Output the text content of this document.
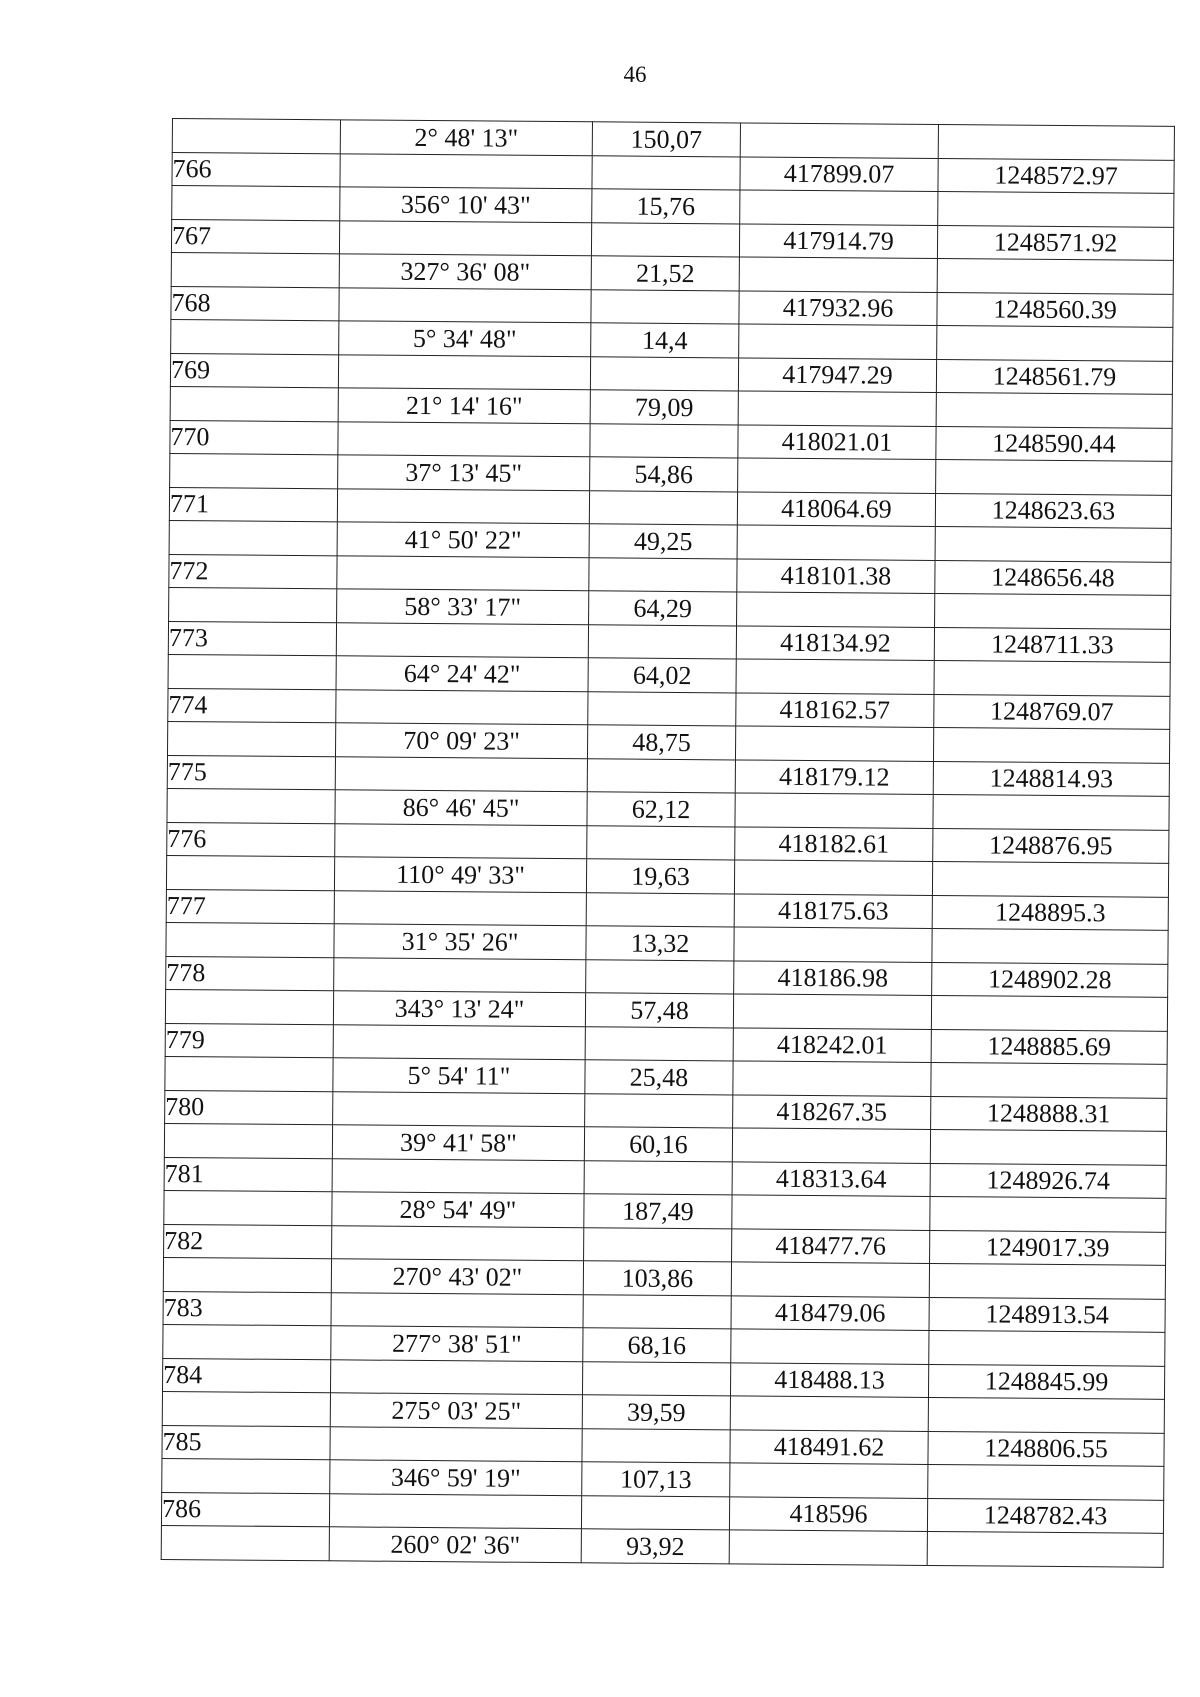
46
	2° 48' 13"	150,07		
766			417899.07	1248572.97
	356° 10' 43"	15,76		
767			417914.79	1248571.92
	327° 36' 08"	21,52		
768			417932.96	1248560.39
	5° 34' 48"	14,4		
769			417947.29	1248561.79
	21° 14' 16"	79,09		
770			418021.01	1248590.44
	37° 13' 45"	54,86		
771			418064.69	1248623.63
	41° 50' 22"	49,25		
772			418101.38	1248656.48
	58° 33' 17"	64,29		
773			418134.92	1248711.33
	64° 24' 42"	64,02		
774			418162.57	1248769.07
	70° 09' 23"	48,75		
775			418179.12	1248814.93
	86° 46' 45"	62,12		
776			418182.61	1248876.95
	110° 49' 33"	19,63		
777			418175.63	1248895.3
	31° 35' 26"	13,32		
778			418186.98	1248902.28
	343° 13' 24"	57,48		
779			418242.01	1248885.69
	5° 54' 11"	25,48		
780			418267.35	1248888.31
	39° 41' 58"	60,16		
781			418313.64	1248926.74
	28° 54' 49"	187,49		
782			418477.76	1249017.39
	270° 43' 02"	103,86		
783			418479.06	1248913.54
	277° 38' 51"	68,16		
784			418488.13	1248845.99
	275° 03' 25"	39,59		
785			418491.62	1248806.55
	346° 59' 19"	107,13		
786			418596	1248782.43
	260° 02' 36"	93,92		
